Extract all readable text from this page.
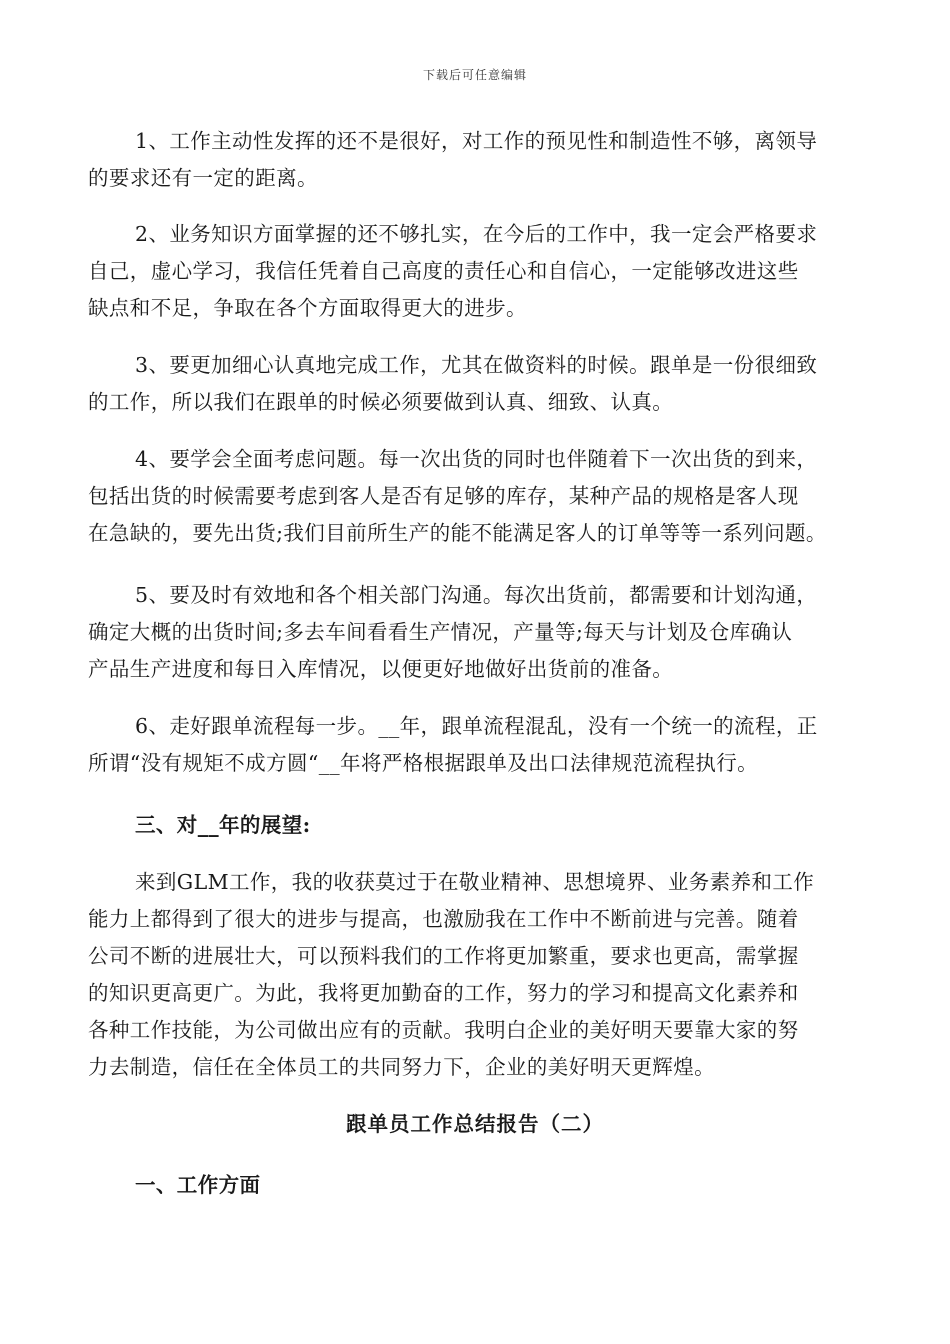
下载后可任意编辑
1、工作主动性发挥的还不是很好，对工作的预见性和制造性不够，离领导
的要求还有一定的距离。
2、业务知识方面掌握的还不够扎实，在今后的工作中，我一定会严格要求
自己，虚心学习，我信任凭着自己高度的责任心和自信心，一定能够改进这些
缺点和不足，争取在各个方面取得更大的进步。
3、要更加细心认真地完成工作，尤其在做资料的时候。跟单是一份很细致
的工作，所以我们在跟单的时候必须要做到认真、细致、认真。
4、要学会全面考虑问题。每一次出货的同时也伴随着下一次出货的到来，
包括出货的时候需要考虑到客人是否有足够的库存，某种产品的规格是客人现
在急缺的，要先出货;我们目前所生产的能不能满足客人的订单等等一系列问题。
5、要及时有效地和各个相关部门沟通。每次出货前，都需要和计划沟通，
确定大概的出货时间;多去车间看看生产情况，产量等;每天与计划及仓库确认
产品生产进度和每日入库情况，以便更好地做好出货前的准备。
6、走好跟单流程每一步。__年，跟单流程混乱，没有一个统一的流程，正
所谓“没有规矩不成方圆“__年将严格根据跟单及出口法律规范流程执行。
三、对__年的展望:
来到GLM工作，我的收获莫过于在敬业精神、思想境界、业务素养和工作
能力上都得到了很大的进步与提高，也激励我在工作中不断前进与完善。随着
公司不断的进展壮大，可以预料我们的工作将更加繁重，要求也更高，需掌握
的知识更高更广。为此，我将更加勤奋的工作，努力的学习和提高文化素养和
各种工作技能，为公司做出应有的贡献。我明白企业的美好明天要靠大家的努
力去制造，信任在全体员工的共同努力下，企业的美好明天更辉煌。
跟单员工作总结报告（二）
一、工作方面
